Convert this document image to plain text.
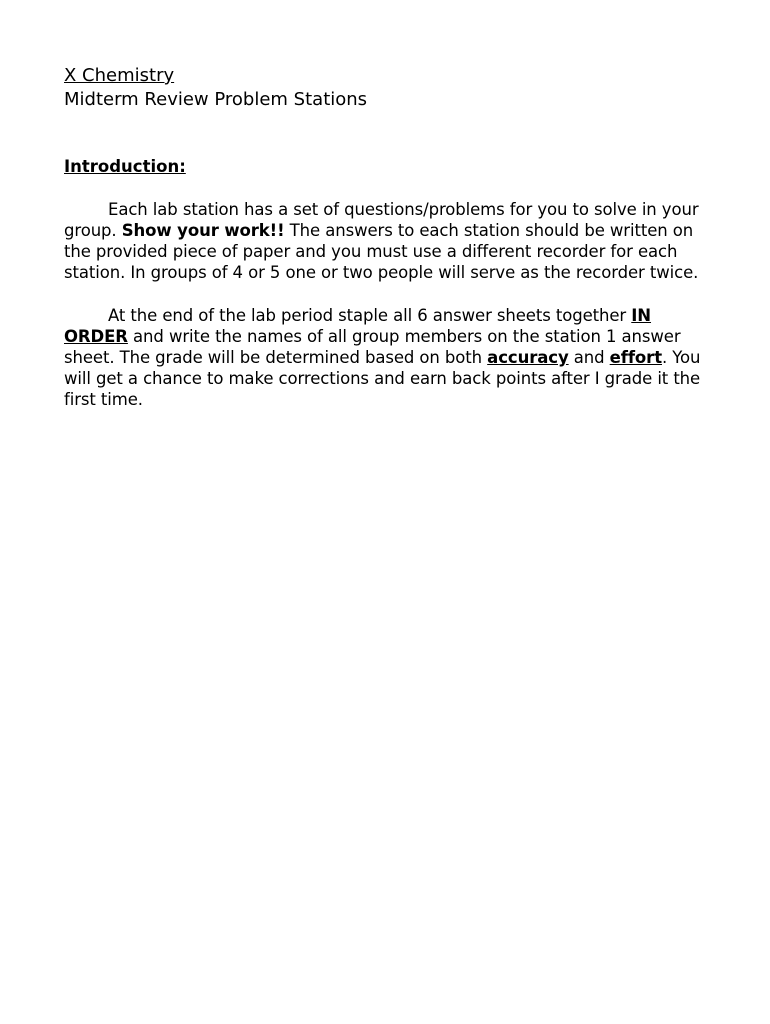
X Chemistry

Midterm Review Problem Stations

Introduction:

Each lab station has a set of questions/problems for you to solve in your group. Show your work!! The answers to each station should be written on the provided piece of paper and you must use a different recorder for each station. In groups of 4 or 5 one or two people will serve as the recorder twice.

At the end of the lab period staple all 6 answer sheets together IN ORDER and write the names of all group members on the station 1 answer sheet. The grade will be determined based on both accuracy and effort. You will get a chance to make corrections and earn back points after I grade it the first time.
